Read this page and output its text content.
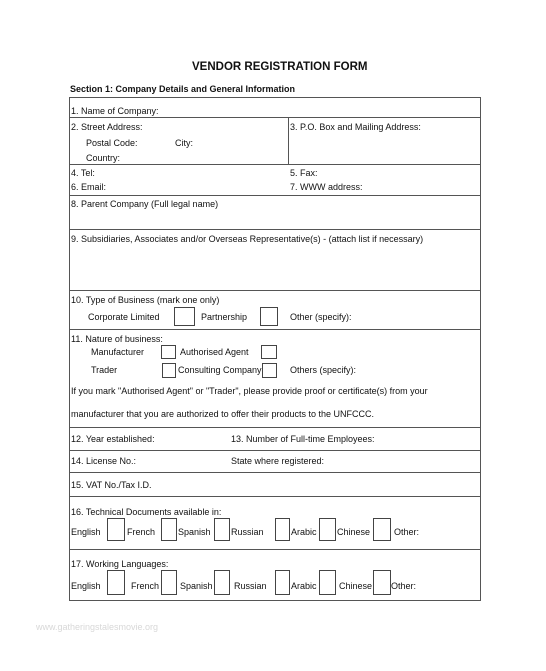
VENDOR REGISTRATION FORM
Section 1: Company Details and General Information
1. Name of Company:
2. Street Address:
Postal Code:	City:
Country:
3. P.O. Box and Mailing Address:
4. Tel:	5. Fax:
6. Email:	7. WWW address:
8. Parent Company (Full legal name)
9. Subsidiaries, Associates and/or Overseas Representative(s) - (attach list if necessary)
10. Type of Business (mark one only)
Corporate Limited	Partnership	Other (specify):
11. Nature of business:
Manufacturer	Authorised Agent
Trader	Consulting Company	Others (specify):
If you mark "Authorised Agent" or "Trader", please provide proof or certificate(s) from your
manufacturer that you are authorized to offer their products to the UNFCCC.
12. Year established:	13. Number of Full-time Employees:
14. License No.:	State where registered:
15. VAT No./Tax I.D.
16. Technical Documents available in:
English	French	Spanish Russian	Arabic Chinese	Other:
17. Working Languages:
English	French Spanish Russian	Arabic Chinese Other:
www.gatheringstalesmovie.org
